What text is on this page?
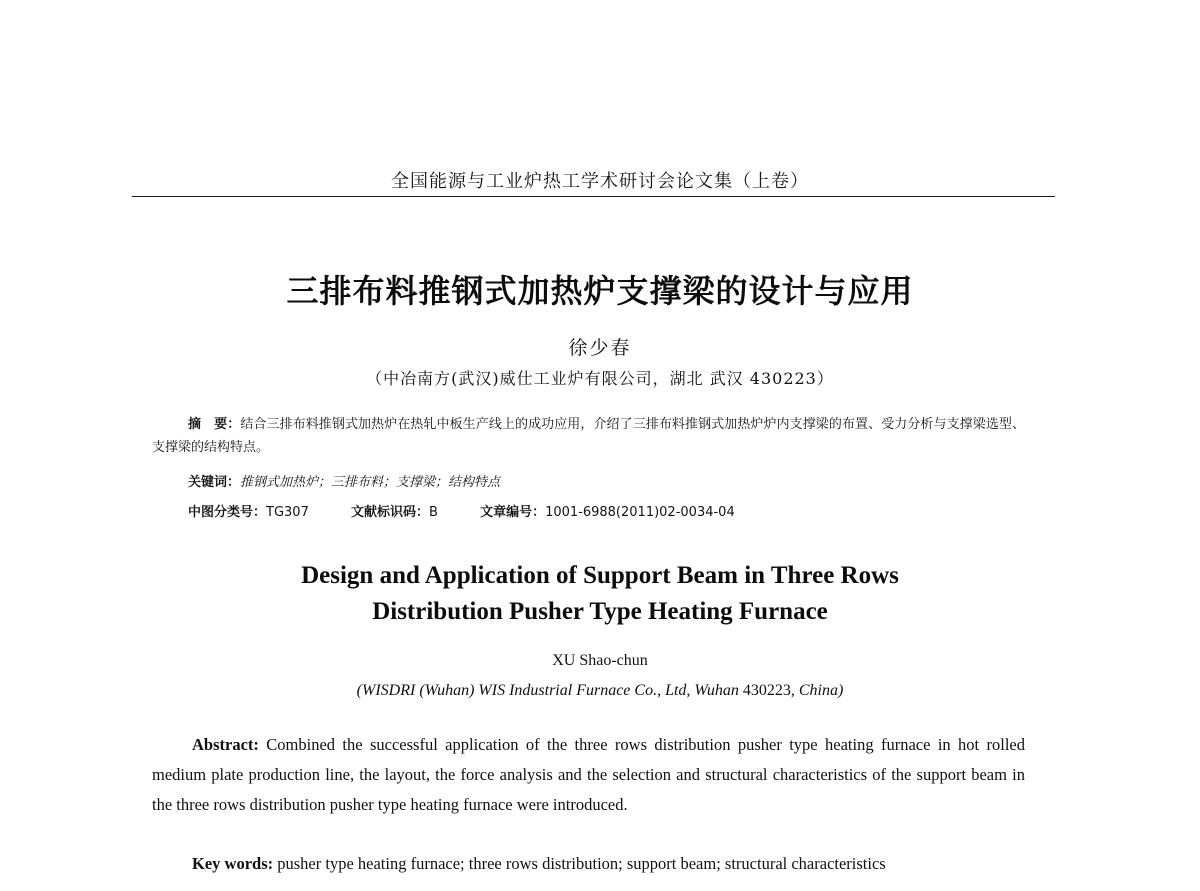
全国能源与工业炉热工学术研讨会论文集（上卷）
三排布料推钢式加热炉支撑梁的设计与应用
徐少春
（中冶南方(武汉)威仕工业炉有限公司，湖北 武汉 430223）
摘　要：结合三排布料推钢式加热炉在热轧中板生产线上的成功应用，介绍了三排布料推钢式加热炉炉内支撑梁的布置、受力分析与支撑梁选型、支撑梁的结构特点。
关键词：推钢式加热炉；三排布料；支撑梁；结构特点
中图分类号：TG307	文献标识码：B	文章编号：1001-6988(2011)02-0034-04
Design and Application of Support Beam in Three Rows
Distribution Pusher Type Heating Furnace
XU Shao-chun
(WISDRI (Wuhan) WIS Industrial Furnace Co., Ltd, Wuhan 430223, China)
Abstract: Combined the successful application of the three rows distribution pusher type heating furnace in hot rolled medium plate production line, the layout, the force analysis and the selection and structural characteristics of the support beam in the three rows distribution pusher type heating furnace were introduced.
Key words: pusher type heating furnace; three rows distribution; support beam; structural characteristics
